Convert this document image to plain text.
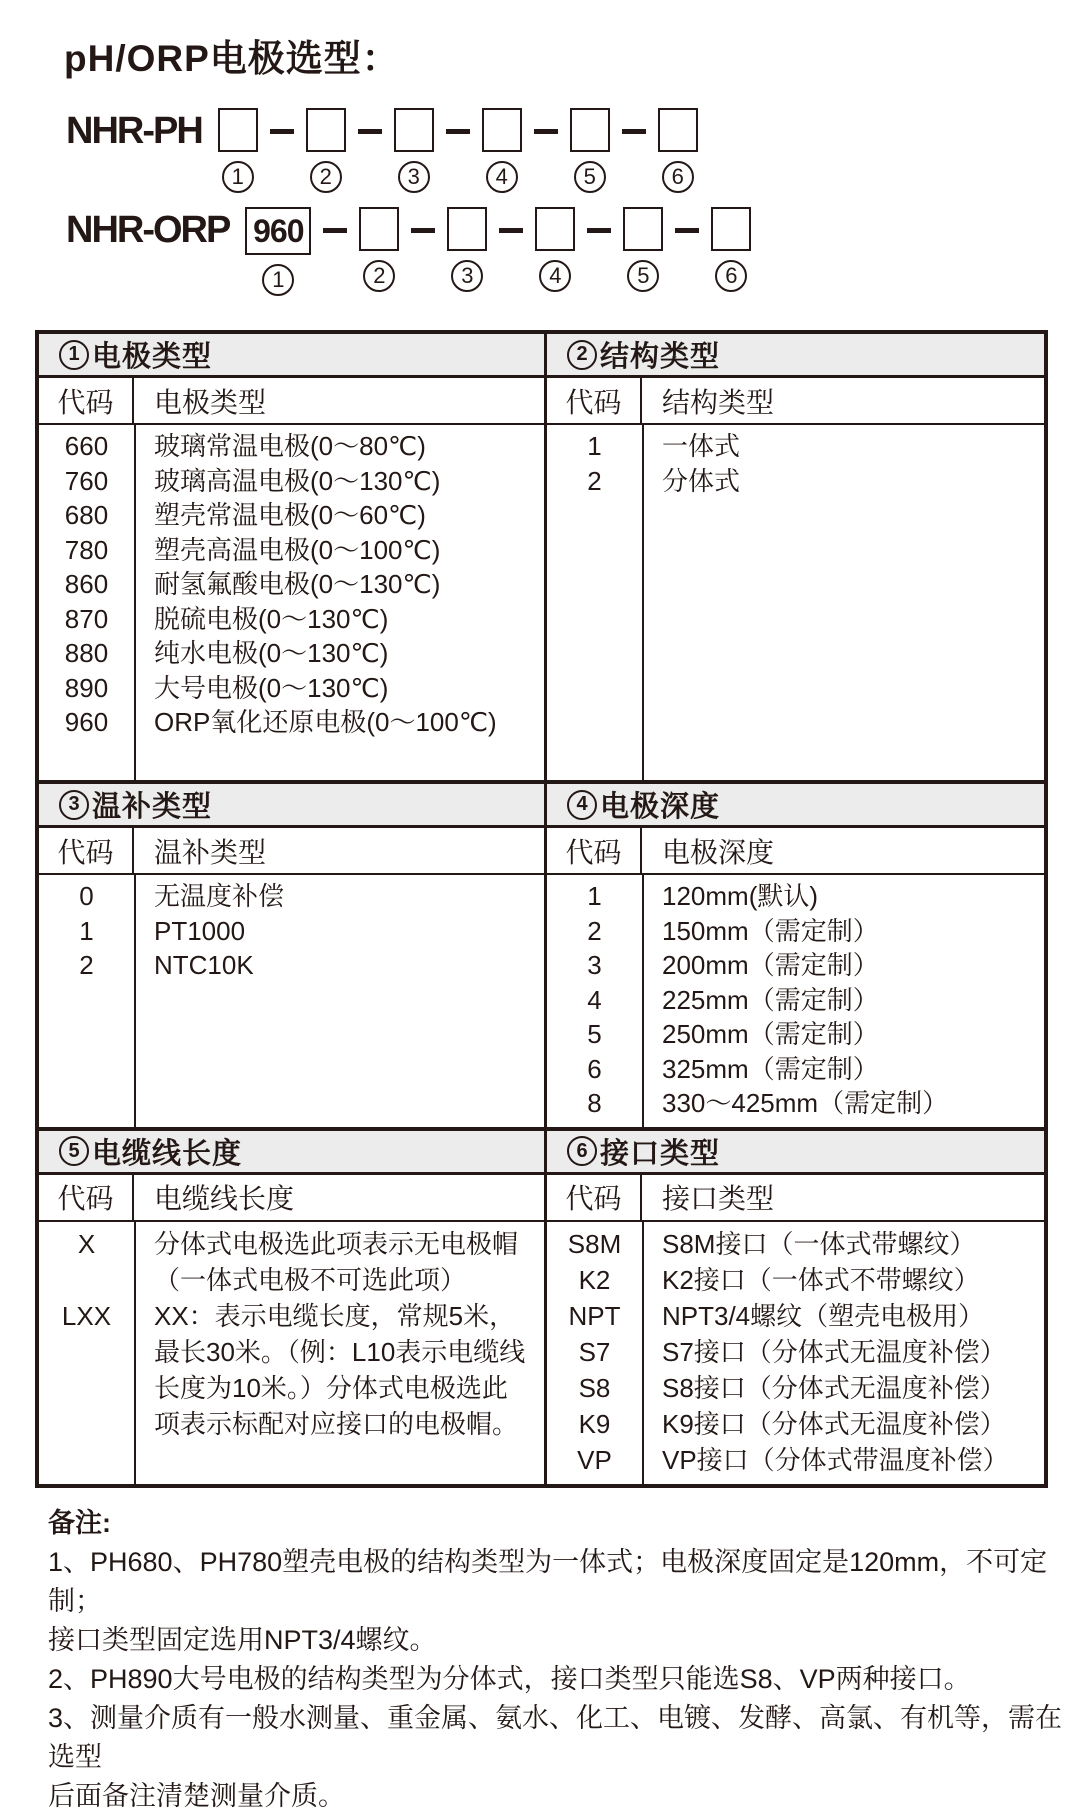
pH/ORP电极选型：
NHR-PH
1	2	3	4	5	6
NHR-ORP 960
1	2	3	4	5	6
1 电极类型
代码	电极类型
660	玻璃常温电极(0～80℃)
760	玻璃高温电极(0～130℃)
680	塑壳常温电极(0～60℃)
780	塑壳高温电极(0～100℃)
860	耐氢氟酸电极(0～130℃)
870	脱硫电极(0～130℃)
880	纯水电极(0～130℃)
890	大号电极(0～130℃)
960	ORP氧化还原电极(0～100℃)
2 结构类型
代码	结构类型
1	一体式
2	分体式
3 温补类型
代码	温补类型
0	无温度补偿
1	PT1000
2	NTC10K
4 电极深度
代码	电极深度
1	120mm(默认)
2	150mm（需定制）
3	200mm（需定制）
4	225mm（需定制）
5	250mm（需定制）
6	325mm（需定制）
8	330～425mm（需定制）
5 电缆线长度
代码	电缆线长度
X	分体式电极选此项表示无电极帽（一体式电极不可选此项）
LXX	XX：表示电缆长度，常规5米，最长30米。（例：L10表示电缆线长度为10米。）分体式电极选此项表示标配对应接口的电极帽。
6 接口类型
代码	接口类型
S8M	S8M接口（一体式带螺纹）
K2	K2接口（一体式不带螺纹）
NPT	NPT3/4螺纹（塑壳电极用）
S7	S7接口（分体式无温度补偿）
S8	S8接口（分体式无温度补偿）
K9	K9接口（分体式无温度补偿）
VP	VP接口（分体式带温度补偿）
备注:
1、PH680、PH780塑壳电极的结构类型为一体式；电极深度固定是120mm，不可定制；
接口类型固定选用NPT3/4螺纹。
2、PH890大号电极的结构类型为分体式，接口类型只能选S8、VP两种接口。
3、测量介质有一般水测量、重金属、氨水、化工、电镀、发酵、高氯、有机等，需在选型
后面备注清楚测量介质。
